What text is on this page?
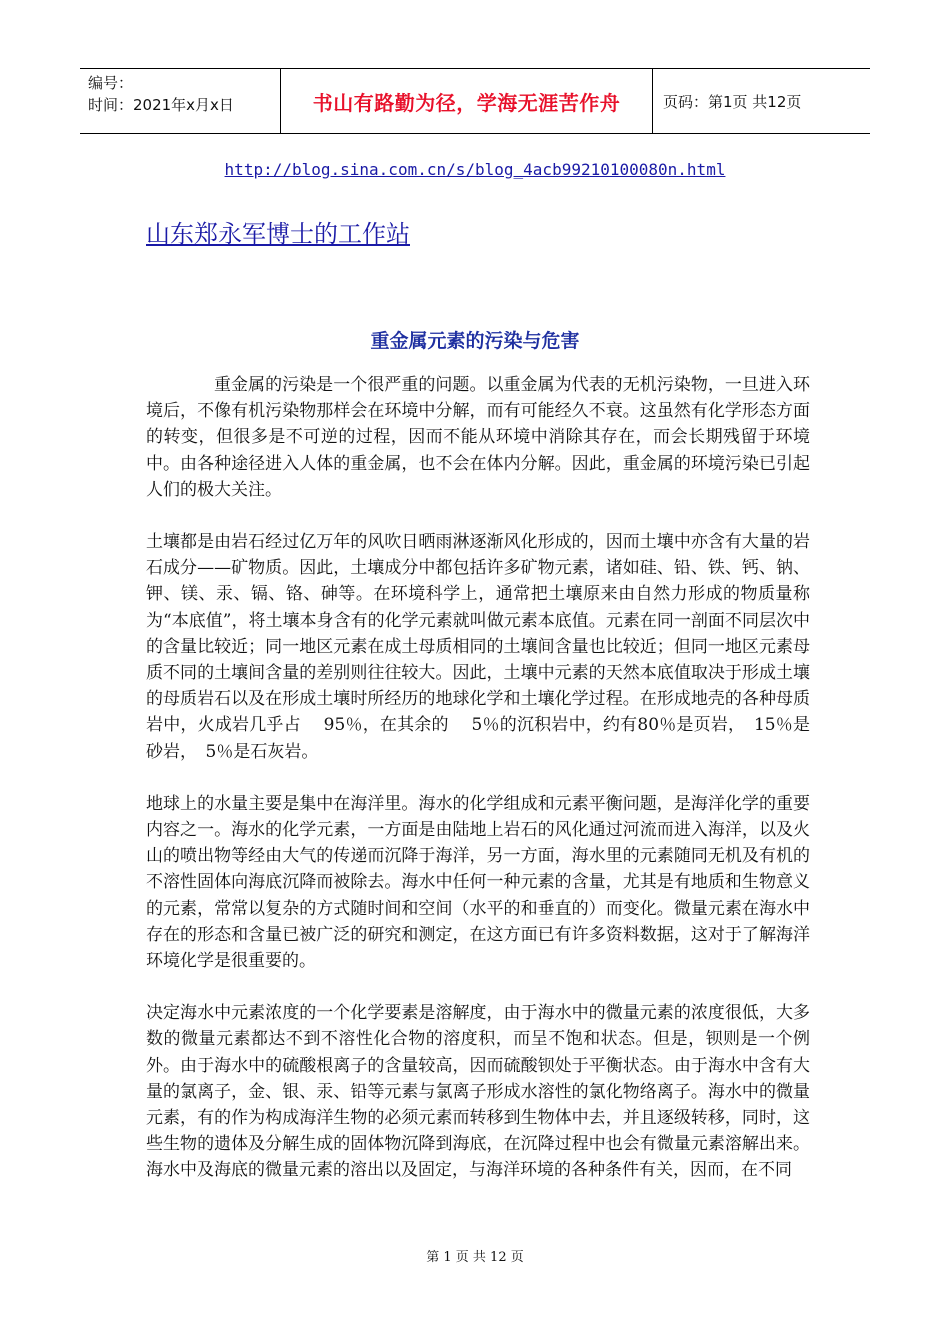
编号：
时间：2021年x月x日	书山有路勤为径，学海无涯苦作舟	页码：第1页 共12页
http://blog.sina.com.cn/s/blog_4acb99210100080n.html
山东郑永军博士的工作站
重金属元素的污染与危害

重金属的污染是一个很严重的问题。以重金属为代表的无机污染物，一旦进入环境后，不像有机污染物那样会在环境中分解，而有可能经久不衰。这虽然有化学形态方面的转变，但很多是不可逆的过程，因而不能从环境中消除其存在，而会长期残留于环境中。由各种途径进入人体的重金属，也不会在体内分解。因此，重金属的环境污染已引起人们的极大关注。

土壤都是由岩石经过亿万年的风吹日晒雨淋逐渐风化形成的，因而土壤中亦含有大量的岩石成分——矿物质。因此，土壤成分中都包括许多矿物元素，诸如硅、铅、铁、钙、钠、钾、镁、汞、镉、铬、砷等。在环境科学上，通常把土壤原来由自然力形成的物质量称为“本底值”，将土壤本身含有的化学元素就叫做元素本底值。元素在同一剖面不同层次中的含量比较近；同一地区元素在成土母质相同的土壤间含量也比较近；但同一地区元素母质不同的土壤间含量的差别则往往较大。因此，土壤中元素的天然本底值取决于形成土壤的母质岩石以及在形成土壤时所经历的地球化学和土壤化学过程。在形成地壳的各种母质岩中，火成岩几乎占　 95％，在其余的　 5％的沉积岩中，约有80％是页岩，　15％是砂岩，　5％是石灰岩。

地球上的水量主要是集中在海洋里。海水的化学组成和元素平衡问题，是海洋化学的重要内容之一。海水的化学元素，一方面是由陆地上岩石的风化通过河流而进入海洋，以及火山的喷出物等经由大气的传递而沉降于海洋，另一方面，海水里的元素随同无机及有机的不溶性固体向海底沉降而被除去。海水中任何一种元素的含量，尤其是有地质和生物意义的元素，常常以复杂的方式随时间和空间（水平的和垂直的）而变化。微量元素在海水中存在的形态和含量已被广泛的研究和测定，在这方面已有许多资料数据，这对于了解海洋环境化学是很重要的。

决定海水中元素浓度的一个化学要素是溶解度，由于海水中的微量元素的浓度很低，大多数的微量元素都达不到不溶性化合物的溶度积，而呈不饱和状态。但是，钡则是一个例外。由于海水中的硫酸根离子的含量较高，因而硫酸钡处于平衡状态。由于海水中含有大量的氯离子，金、银、汞、铅等元素与氯离子形成水溶性的氯化物络离子。海水中的微量元素，有的作为构成海洋生物的必须元素而转移到生物体中去，并且逐级转移，同时，这些生物的遗体及分解生成的固体物沉降到海底，在沉降过程中也会有微量元素溶解出来。海水中及海底的微量元素的溶出以及固定，与海洋环境的各种条件有关，因而，在不同

第 1 页 共 12 页
